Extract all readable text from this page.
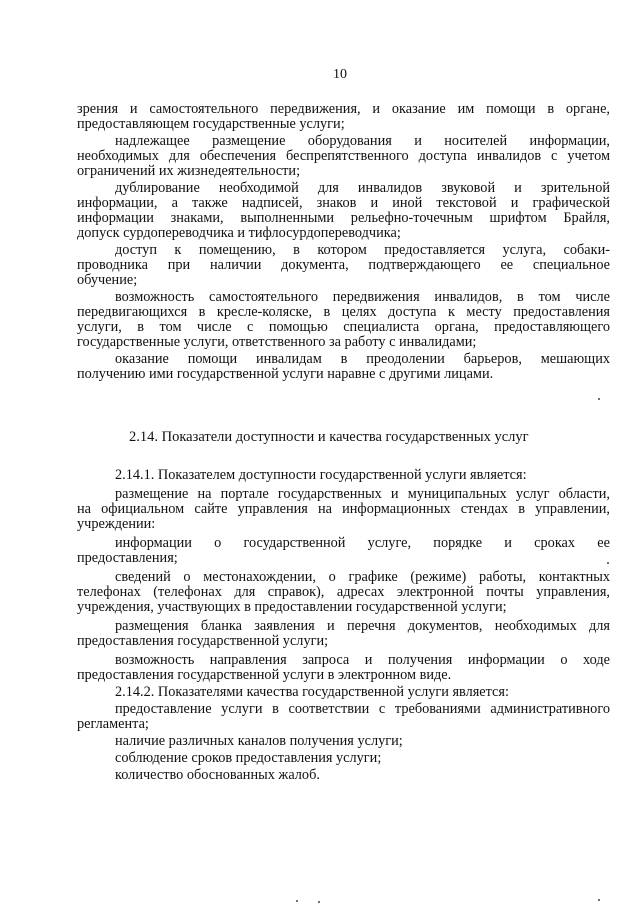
10
зрения и самостоятельного передвижения, и оказание им помощи в органе,
предоставляющем государственные услуги;
надлежащее размещение оборудования и носителей информации,
необходимых для обеспечения беспрепятственного доступа инвалидов с учетом
ограничений их жизнедеятельности;
дублирование необходимой для инвалидов звуковой и зрительной
информации, а также надписей, знаков и иной текстовой и графической
информации знаками, выполненными рельефно-точечным шрифтом Брайля,
допуск сурдопереводчика и тифлосурдопереводчика;
доступ к помещению, в котором предоставляется услуга, собаки-
проводника при наличии документа, подтверждающего ее специальное
обучение;
возможность самостоятельного передвижения инвалидов, в том числе
передвигающихся в кресле-коляске, в целях доступа к месту предоставления
услуги, в том числе с помощью специалиста органа, предоставляющего
государственные услуги, ответственного за работу с инвалидами;
оказание помощи инвалидам в преодолении барьеров, мешающих
получению ими государственной услуги наравне с другими лицами.
2.14. Показатели доступности и качества государственных услуг
2.14.1. Показателем доступности государственной услуги является:
размещение на портале государственных и муниципальных услуг области,
на официальном сайте управления на информационных стендах в управлении,
учреждении:
информации о государственной услуге, порядке и сроках ее
предоставления;
сведений о местонахождении, о графике (режиме) работы, контактных
телефонах (телефонах для справок), адресах электронной почты управления,
учреждения, участвующих в предоставлении государственной услуги;
размещения бланка заявления и перечня документов, необходимых для
предоставления государственной услуги;
возможность направления запроса и получения информации о ходе
предоставления государственной услуги в электронном виде.
2.14.2. Показателями качества государственной услуги является:
предоставление услуги в соответствии с требованиями административного
регламента;
наличие различных каналов получения услуги;
соблюдение сроков предоставления услуги;
количество обоснованных жалоб.
